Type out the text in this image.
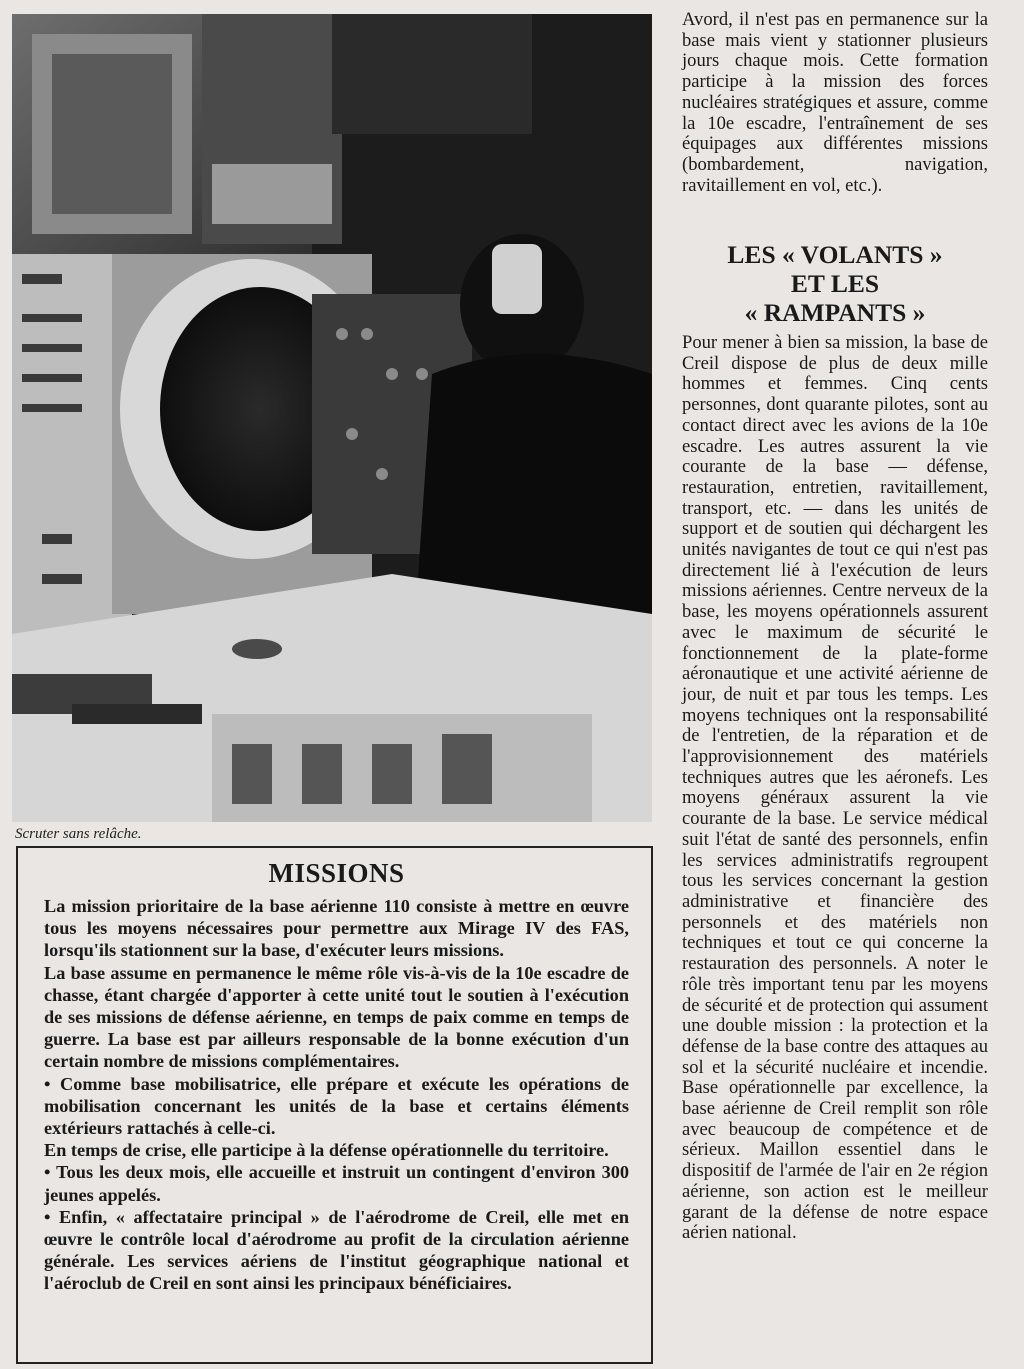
Scruter sans relâche.
MISSIONS

La mission prioritaire de la base aérienne 110 consiste à mettre en œuvre tous les moyens nécessaires pour permettre aux Mirage IV des FAS, lorsqu'ils stationnent sur la base, d'exécuter leurs missions.

La base assume en permanence le même rôle vis-à-vis de la 10e escadre de chasse, étant chargée d'apporter à cette unité tout le soutien à l'exécution de ses missions de défense aérienne, en temps de paix comme en temps de guerre. La base est par ailleurs responsable de la bonne exécution d'un certain nombre de missions complémentaires.

• Comme base mobilisatrice, elle prépare et exécute les opérations de mobilisation concernant les unités de la base et certains éléments extérieurs rattachés à celle-ci.

En temps de crise, elle participe à la défense opérationnelle du territoire.

• Tous les deux mois, elle accueille et instruit un contingent d'environ 300 jeunes appelés.

• Enfin, « affectataire principal » de l'aérodrome de Creil, elle met en œuvre le contrôle local d'aérodrome au profit de la circulation aérienne générale. Les services aériens de l'institut géographique national et l'aéroclub de Creil en sont ainsi les principaux bénéficiaires.

Avord, il n'est pas en permanence sur la base mais vient y stationner plusieurs jours chaque mois. Cette formation participe à la mission des forces nucléaires stratégiques et assure, comme la 10e escadre, l'entraînement de ses équipages aux différentes missions (bombardement, navigation, ravitaillement en vol, etc.).

LES « VOLANTS »
ET LES
« RAMPANTS »

Pour mener à bien sa mission, la base de Creil dispose de plus de deux mille hommes et femmes. Cinq cents personnes, dont quarante pilotes, sont au contact direct avec les avions de la 10e escadre. Les autres assurent la vie courante de la base — défense, restauration, entretien, ravitaillement, transport, etc. — dans les unités de support et de soutien qui déchargent les unités navigantes de tout ce qui n'est pas directement lié à l'exécution de leurs missions aériennes. Centre nerveux de la base, les moyens opérationnels assurent avec le maximum de sécurité le fonctionnement de la plate-forme aéronautique et une activité aérienne de jour, de nuit et par tous les temps. Les moyens techniques ont la responsabilité de l'entretien, de la réparation et de l'approvisionnement des matériels techniques autres que les aéronefs. Les moyens généraux assurent la vie courante de la base. Le service médical suit l'état de santé des personnels, enfin les services administratifs regroupent tous les services concernant la gestion administrative et financière des personnels et des matériels non techniques et tout ce qui concerne la restauration des personnels. A noter le rôle très important tenu par les moyens de sécurité et de protection qui assument une double mission : la protection et la défense de la base contre des attaques au sol et la sécurité nucléaire et incendie. Base opérationnelle par excellence, la base aérienne de Creil remplit son rôle avec beaucoup de compétence et de sérieux. Maillon essentiel dans le dispositif de l'armée de l'air en 2e région aérienne, son action est le meilleur garant de la défense de notre espace aérien national.
